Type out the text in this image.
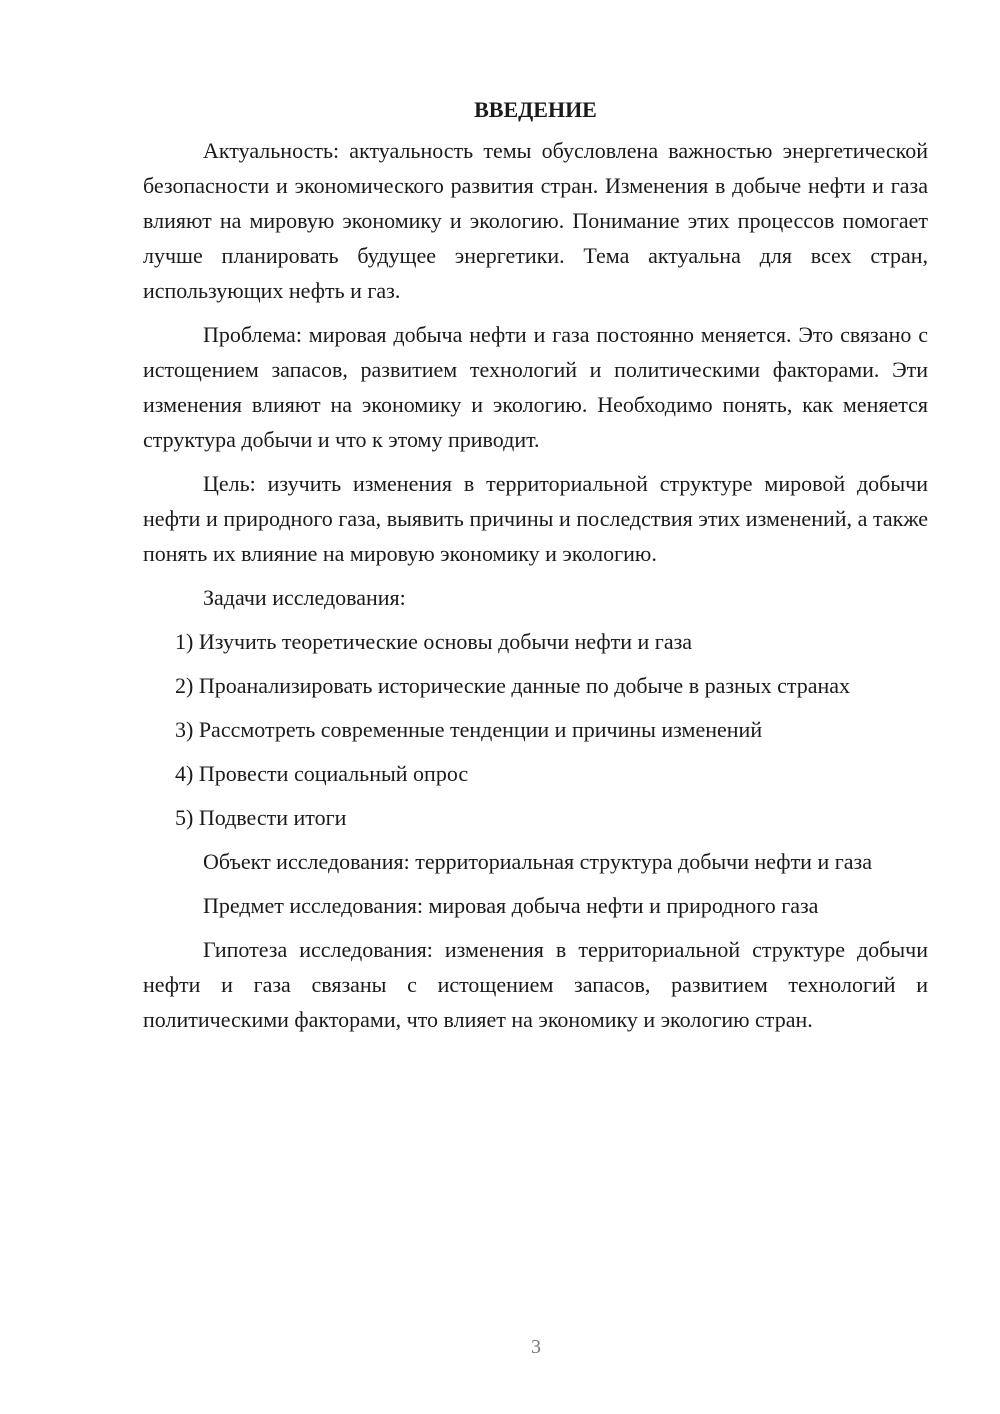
ВВЕДЕНИЕ

Актуальность: актуальность темы обусловлена важностью энергетической безопасности и экономического развития стран. Изменения в добыче нефти и газа влияют на мировую экономику и экологию. Понимание этих процессов помогает лучше планировать будущее энергетики. Тема актуальна для всех стран, использующих нефть и газ.

Проблема: мировая добыча нефти и газа постоянно меняется. Это связано с истощением запасов, развитием технологий и политическими факторами. Эти изменения влияют на экономику и экологию. Необходимо понять, как меняется структура добычи и что к этому приводит.

Цель: изучить изменения в территориальной структуре мировой добычи нефти и природного газа, выявить причины и последствия этих изменений, а также понять их влияние на мировую экономику и экологию.

Задачи исследования:

1) Изучить теоретические основы добычи нефти и газа

2) Проанализировать исторические данные по добыче в разных странах

3) Рассмотреть современные тенденции и причины изменений

4) Провести социальный опрос

5) Подвести итоги

Объект исследования: территориальная структура добычи нефти и газа

Предмет исследования: мировая добыча нефти и природного газа

Гипотеза исследования: изменения в территориальной структуре добычи нефти и газа связаны с истощением запасов, развитием технологий и политическими факторами, что влияет на экономику и экологию стран.

3
